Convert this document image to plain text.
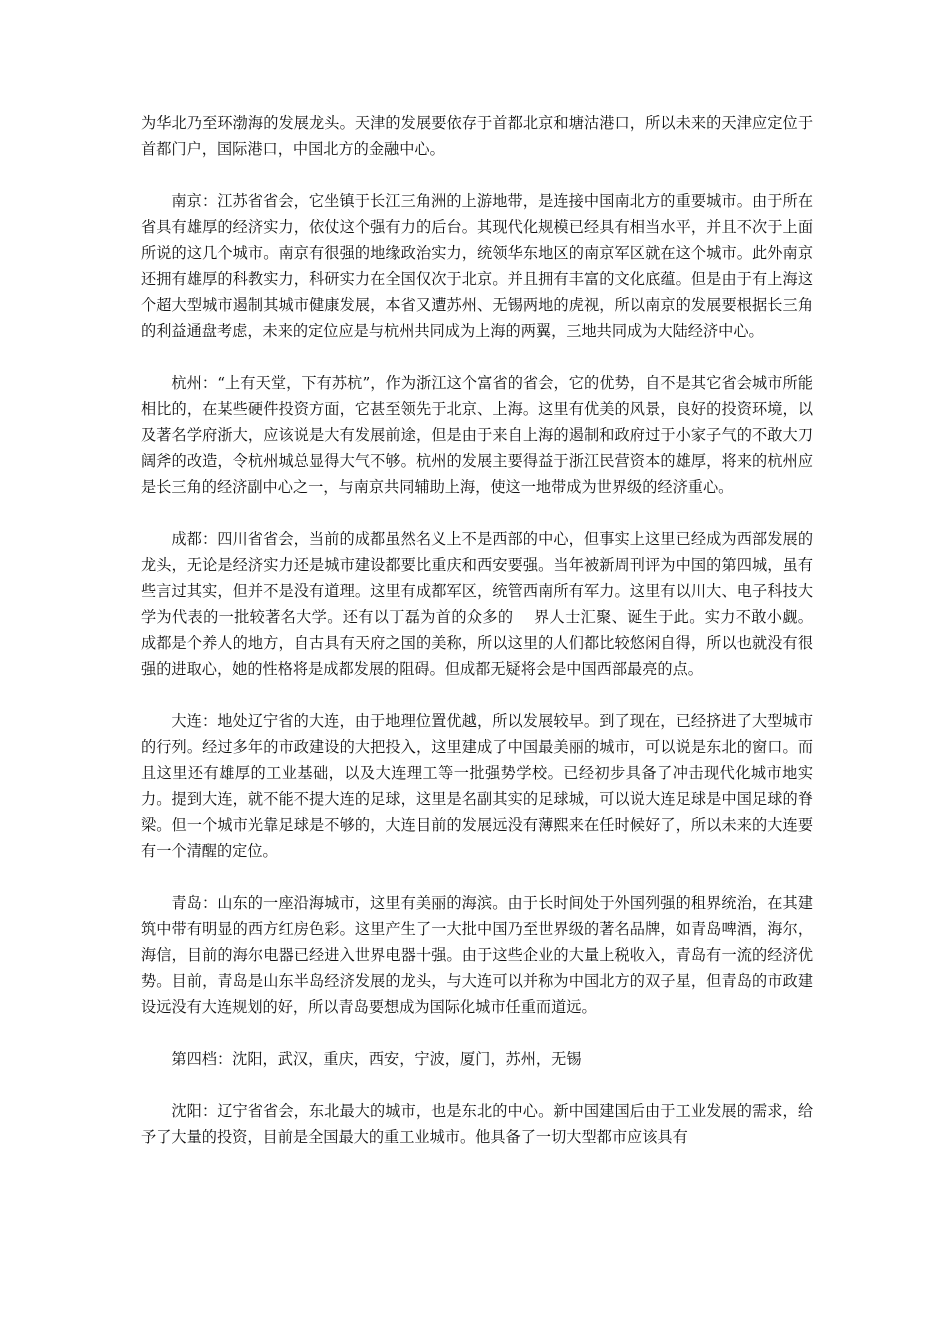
为华北乃至环渤海的发展龙头。天津的发展要依存于首都北京和塘沽港口，所以未来的天津应定位于首都门户，国际港口，中国北方的金融中心。

南京：江苏省省会，它坐镇于长江三角洲的上游地带，是连接中国南北方的重要城市。由于所在省具有雄厚的经济实力，依仗这个强有力的后台。其现代化规模已经具有相当水平，并且不次于上面所说的这几个城市。南京有很强的地缘政治实力，统领华东地区的南京军区就在这个城市。此外南京还拥有雄厚的科教实力，科研实力在全国仅次于北京。并且拥有丰富的文化底蕴。但是由于有上海这个超大型城市遏制其城市健康发展，本省又遭苏州、无锡两地的虎视，所以南京的发展要根据长三角的利益通盘考虑，未来的定位应是与杭州共同成为上海的两翼，三地共同成为大陆经济中心。

杭州：“上有天堂，下有苏杭”，作为浙江这个富省的省会，它的优势，自不是其它省会城市所能相比的，在某些硬件投资方面，它甚至领先于北京、上海。这里有优美的风景，良好的投资环境，以及著名学府浙大，应该说是大有发展前途，但是由于来自上海的遏制和政府过于小家子气的不敢大刀阔斧的改造，令杭州城总显得大气不够。杭州的发展主要得益于浙江民营资本的雄厚，将来的杭州应是长三角的经济副中心之一，与南京共同辅助上海，使这一地带成为世界级的经济重心。

成都：四川省省会，当前的成都虽然名义上不是西部的中心，但事实上这里已经成为西部发展的龙头，无论是经济实力还是城市建设都要比重庆和西安要强。当年被新周刊评为中国的第四城，虽有些言过其实，但并不是没有道理。这里有成都军区，统管西南所有军力。这里有以川大、电子科技大学为代表的一批较著名大学。还有以丁磊为首的众多的　 界人士汇聚、诞生于此。实力不敢小觑。成都是个养人的地方，自古具有天府之国的美称，所以这里的人们都比较悠闲自得，所以也就没有很强的进取心，她的性格将是成都发展的阻碍。但成都无疑将会是中国西部最亮的点。

大连：地处辽宁省的大连，由于地理位置优越，所以发展较早。到了现在，已经挤进了大型城市的行列。经过多年的市政建设的大把投入，这里建成了中国最美丽的城市，可以说是东北的窗口。而且这里还有雄厚的工业基础，以及大连理工等一批强势学校。已经初步具备了冲击现代化城市地实力。提到大连，就不能不提大连的足球，这里是名副其实的足球城，可以说大连足球是中国足球的脊梁。但一个城市光靠足球是不够的，大连目前的发展远没有薄熙来在任时候好了，所以未来的大连要有一个清醒的定位。

青岛：山东的一座沿海城市，这里有美丽的海滨。由于长时间处于外国列强的租界统治，在其建筑中带有明显的西方红房色彩。这里产生了一大批中国乃至世界级的著名品牌，如青岛啤酒，海尔，海信，目前的海尔电器已经进入世界电器十强。由于这些企业的大量上税收入，青岛有一流的经济优势。目前，青岛是山东半岛经济发展的龙头，与大连可以并称为中国北方的双子星，但青岛的市政建设远没有大连规划的好，所以青岛要想成为国际化城市任重而道远。

第四档：沈阳，武汉，重庆，西安，宁波，厦门，苏州，无锡

沈阳：辽宁省省会，东北最大的城市，也是东北的中心。新中国建国后由于工业发展的需求，给予了大量的投资，目前是全国最大的重工业城市。他具备了一切大型都市应该具有
